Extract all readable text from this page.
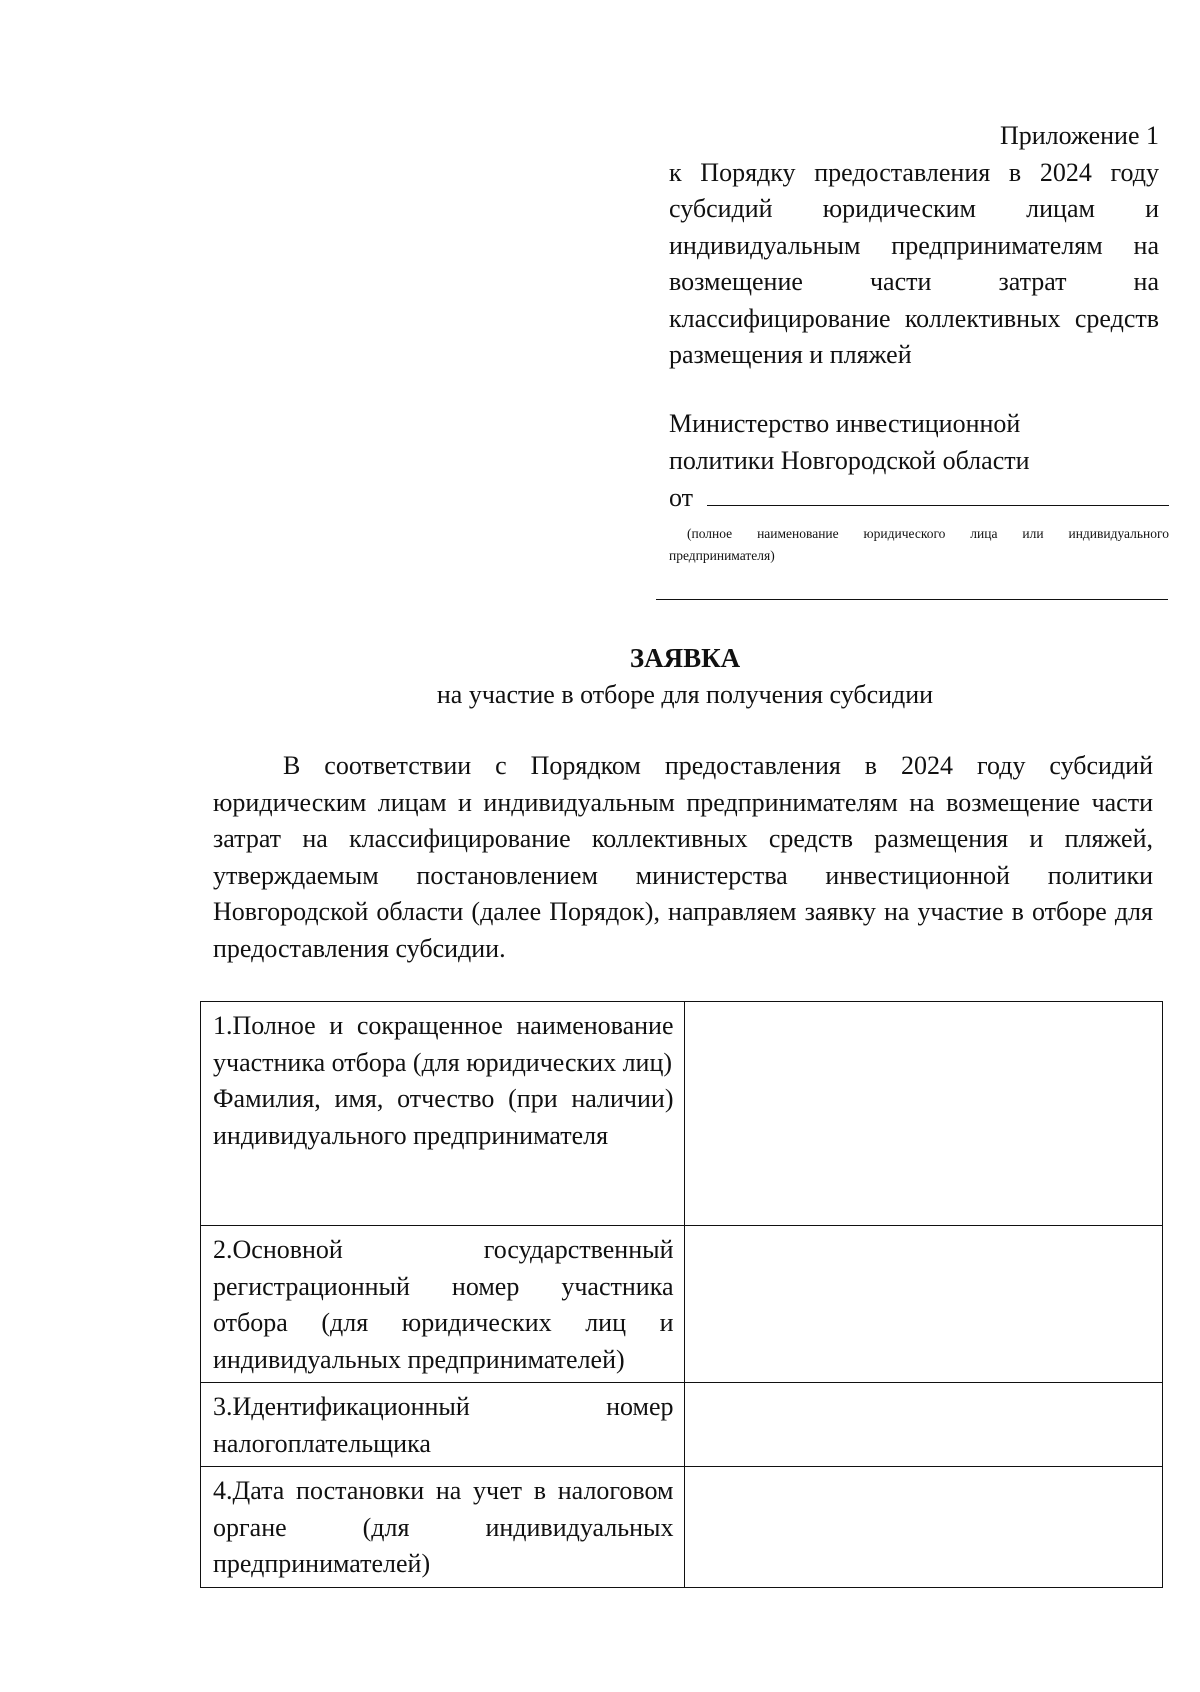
Приложение 1
к Порядку предоставления в 2024 году субсидий юридическим лицам и индивидуальным предпринимателям на возмещение части затрат на классифицирование коллективных средств размещения и пляжей
Министерство инвестиционной
политики Новгородской области
от
(полное наименование юридического лица или индивидуального предпринимателя)
ЗАЯВКА
на участие в отборе для получения субсидии

В соответствии с Порядком предоставления в 2024 году субсидий юридическим лицам и индивидуальным предпринимателям на возмещение части затрат на классифицирование коллективных средств размещения и пляжей, утверждаемым постановлением министерства инвестиционной политики Новгородской области (далее Порядок), направляем заявку на участие в отборе для предоставления субсидии.

1.Полное и сокращенное наименование участника отбора (для юридических лиц)
Фамилия, имя, отчество (при наличии) индивидуального предпринимателя	

2.Основной государственный регистрационный номер участника отбора (для юридических лиц и индивидуальных предпринимателей)	
3.Идентификационный номер налогоплательщика	
4.Дата постановки на учет в налоговом органе (для индивидуальных предпринимателей)	
